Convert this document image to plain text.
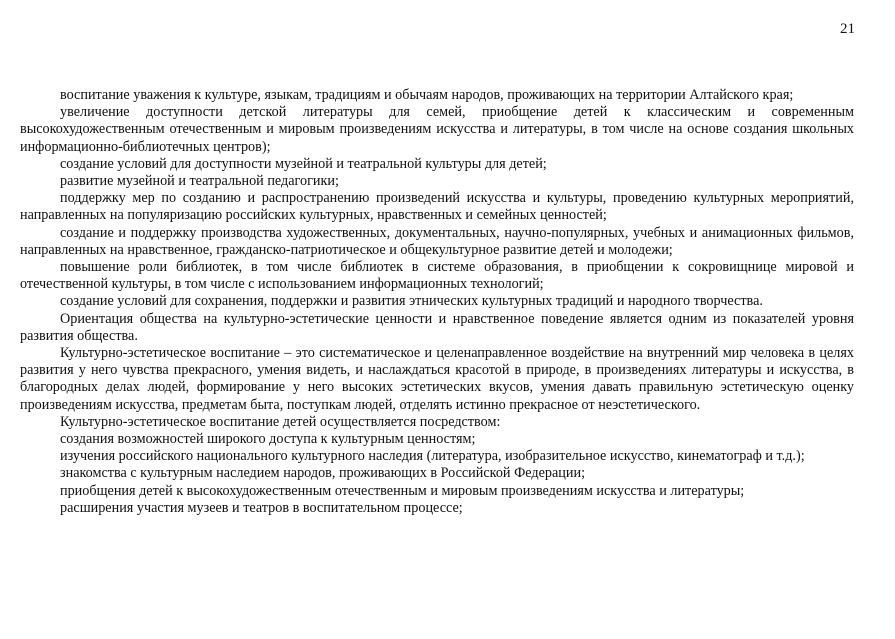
21

воспитание уважения к культуре, языкам, традициям и обычаям народов, проживающих на территории Алтайского края;

увеличение доступности детской литературы для семей, приобщение детей к классическим и современным высокохудожественным отечественным и мировым произведениям искусства и литературы, в том числе на основе создания школьных информационно-библиотечных центров);

создание условий для доступности музейной и театральной культуры для детей;

развитие музейной и театральной педагогики;

поддержку мер по созданию и распространению произведений искусства и культуры, проведению культурных мероприятий, направленных на популяризацию российских культурных, нравственных и семейных ценностей;

создание и поддержку производства художественных, документальных, научно-популярных, учебных и анимационных фильмов, направленных на нравственное, гражданско-патриотическое и общекультурное развитие детей и молодежи;

повышение роли библиотек, в том числе библиотек в системе образования, в приобщении к сокровищнице мировой и отечественной культуры, в том числе с использованием информационных технологий;

создание условий для сохранения, поддержки и развития этнических культурных традиций и народного творчества.

Ориентация общества на культурно-эстетические ценности и нравственное поведение является одним из показателей уровня развития общества.

Культурно-эстетическое воспитание – это систематическое и целенаправленное воздействие на внутренний мир человека в целях развития у него чувства прекрасного, умения видеть, и наслаждаться красотой в природе, в произведениях литературы и искусства, в благородных делах людей, формирование у него высоких эстетических вкусов, умения давать правильную эстетическую оценку произведениям искусства, предметам быта, поступкам людей, отделять истинно прекрасное от неэстетического.

Культурно-эстетическое воспитание детей осуществляется посредством:

создания возможностей широкого доступа к культурным ценностям;

изучения российского национального культурного наследия (литература, изобразительное искусство, кинематограф и т.д.);

знакомства с культурным наследием народов, проживающих в Российской Федерации;

приобщения детей к высокохудожественным отечественным и мировым произведениям искусства и литературы;

расширения участия музеев и театров в воспитательном процессе;
